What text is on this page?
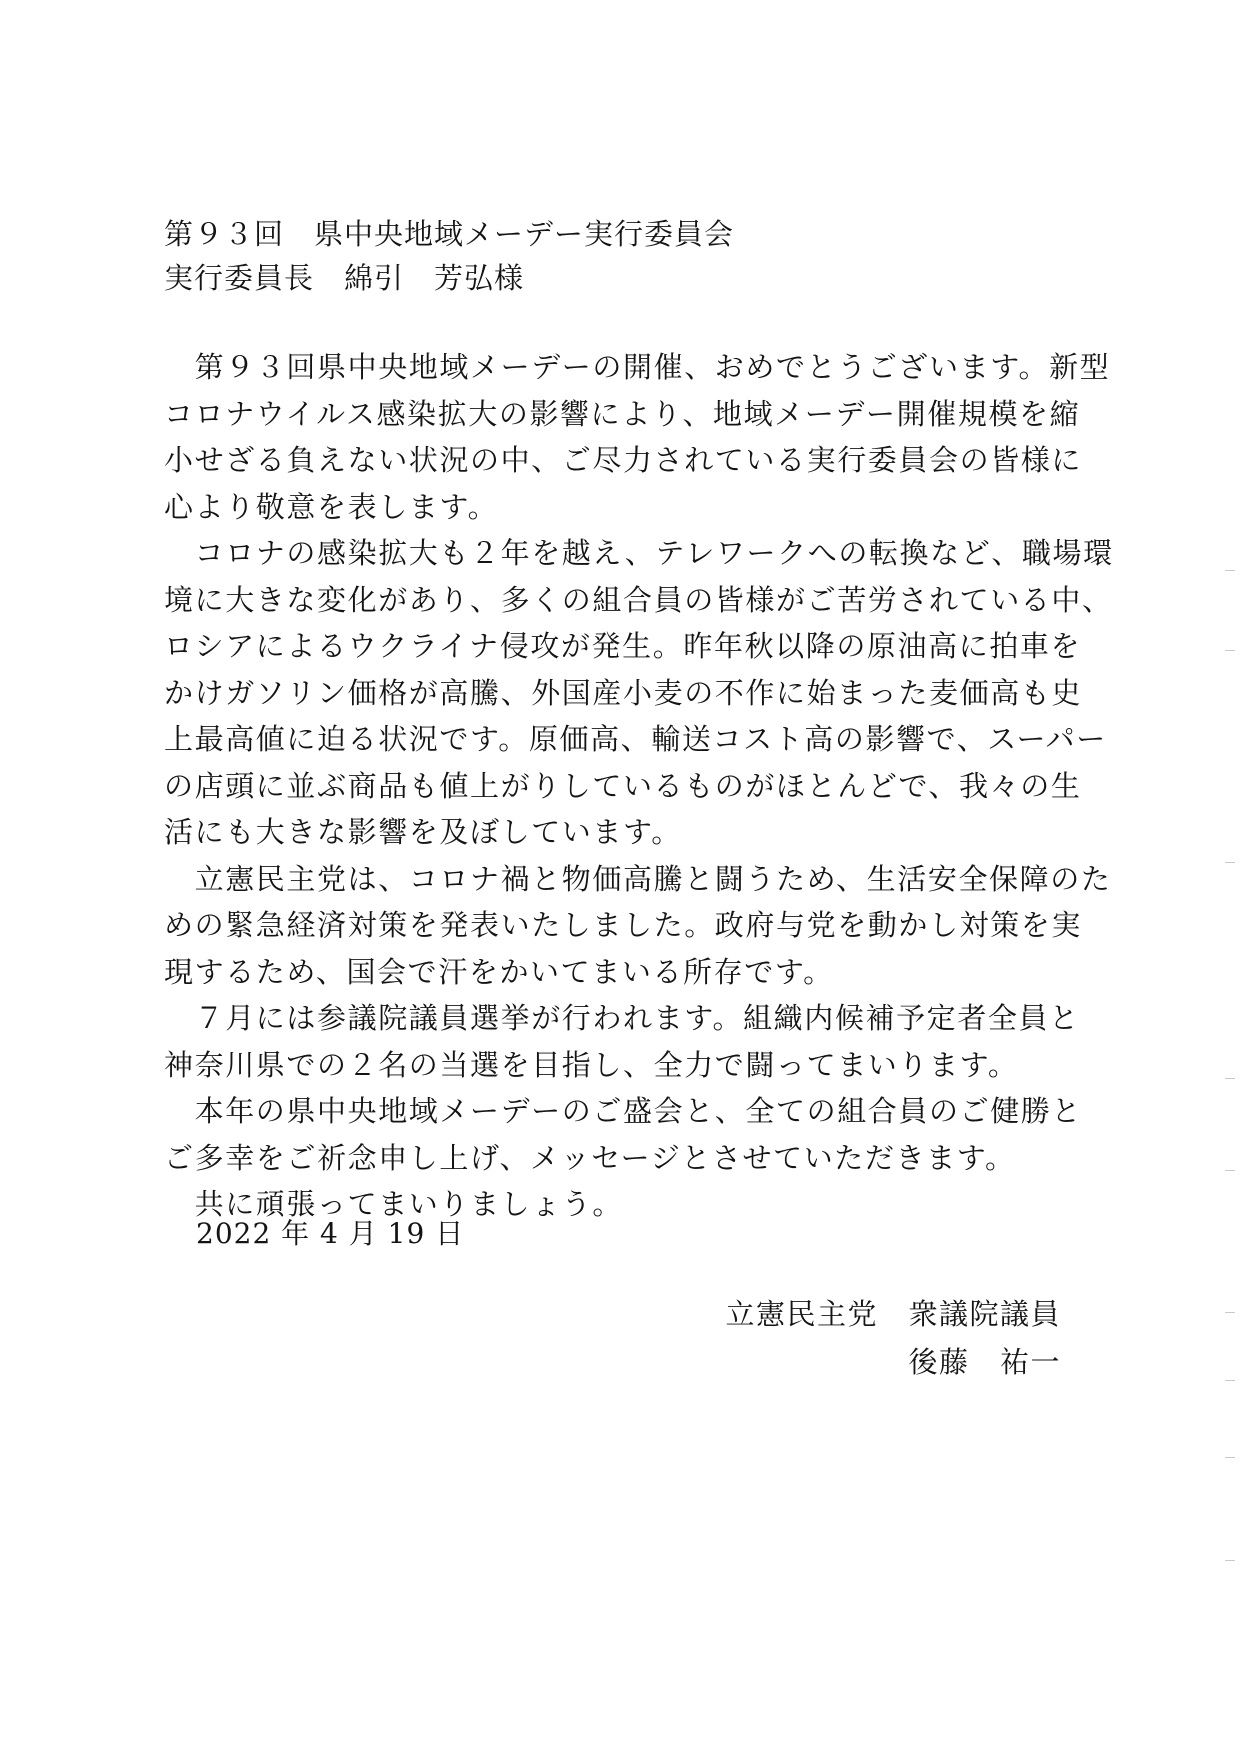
第９３回　県中央地域メーデー実行委員会
実行委員長　綿引　芳弘様
　第９３回県中央地域メーデーの開催、おめでとうございます。新型
コロナウイルス感染拡大の影響により、地域メーデー開催規模を縮
小せざる負えない状況の中、ご尽力されている実行委員会の皆様に
心より敬意を表します。
　コロナの感染拡大も２年を越え、テレワークへの転換など、職場環
境に大きな変化があり、多くの組合員の皆様がご苦労されている中、
ロシアによるウクライナ侵攻が発生。昨年秋以降の原油高に拍車を
かけガソリン価格が高騰、外国産小麦の不作に始まった麦価高も史
上最高値に迫る状況です。原価高、輸送コスト高の影響で、スーパー
の店頭に並ぶ商品も値上がりしているものがほとんどで、我々の生
活にも大きな影響を及ぼしています。
　立憲民主党は、コロナ禍と物価高騰と闘うため、生活安全保障のた
めの緊急経済対策を発表いたしました。政府与党を動かし対策を実
現するため、国会で汗をかいてまいる所存です。
　７月には参議院議員選挙が行われます。組織内候補予定者全員と
神奈川県での２名の当選を目指し、全力で闘ってまいります。
　本年の県中央地域メーデーのご盛会と、全ての組合員のご健勝と
ご多幸をご祈念申し上げ、メッセージとさせていただきます。
　共に頑張ってまいりましょう。
2022 年 4 月 19 日
立憲民主党　衆議院議員
後藤　祐一
